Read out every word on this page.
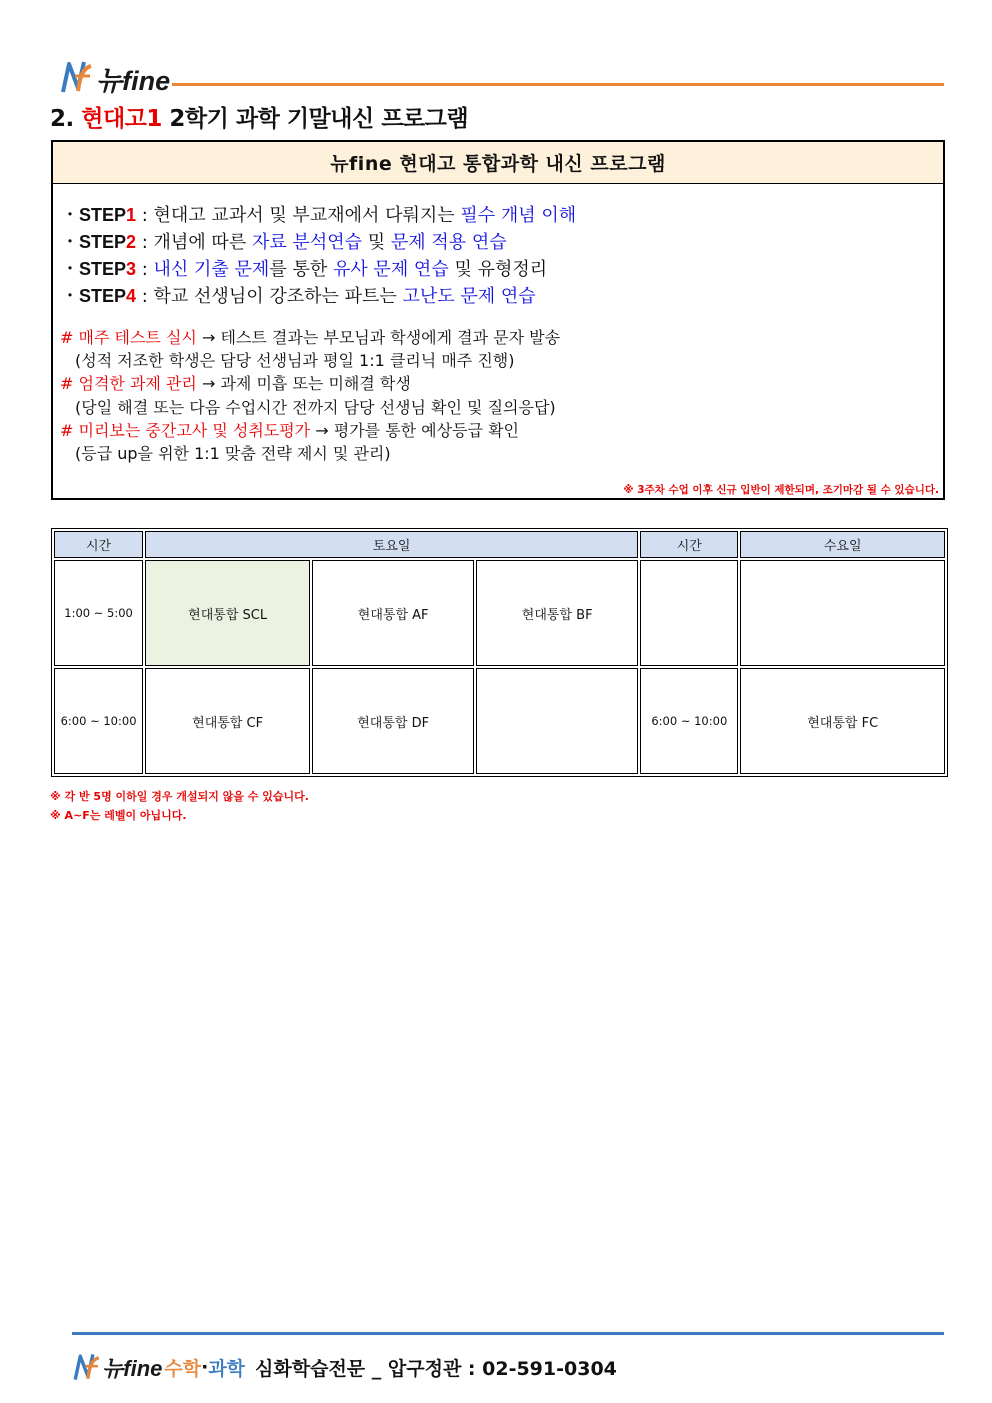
뉴fine
2. 현대고1 2학기 과학 기말내신 프로그램
뉴fine 현대고 통합과학 내신 프로그램
・STEP1 : 현대고 교과서 및 부교재에서 다뤄지는 필수 개념 이해
・STEP2 : 개념에 따른 자료 분석연습 및 문제 적용 연습
・STEP3 : 내신 기출 문제를 통한 유사 문제 연습 및 유형정리
・STEP4 : 학교 선생님이 강조하는 파트는 고난도 문제 연습
# 매주 테스트 실시 → 테스트 결과는 부모님과 학생에게 결과 문자 발송
(성적 저조한 학생은 담당 선생님과 평일 1:1 클리닉 매주 진행)
# 엄격한 과제 관리 → 과제 미흡 또는 미해결 학생
(당일 해결 또는 다음 수업시간 전까지 담당 선생님 확인 및 질의응답)
# 미리보는 중간고사 및 성취도평가 → 평가를 통한 예상등급 확인
(등급 up을 위한 1:1 맞춤 전략 제시 및 관리)
※ 3주차 수업 이후 신규 입반이 제한되며, 조기마감 될 수 있습니다.
시간	토요일			시간	수요일
1:00 ~ 5:00	현대통합 SCL	현대통합 AF	현대통합 BF		
6:00 ~ 10:00	현대통합 CF	현대통합 DF		6:00 ~ 10:00	현대통합 FC
※ 각 반 5명 이하일 경우 개설되지 않을 수 있습니다.
※ A~F는 레벨이 아닙니다.
뉴fine 수학 · 과학 심화학습전문 _ 압구정관 : 02-591-0304
